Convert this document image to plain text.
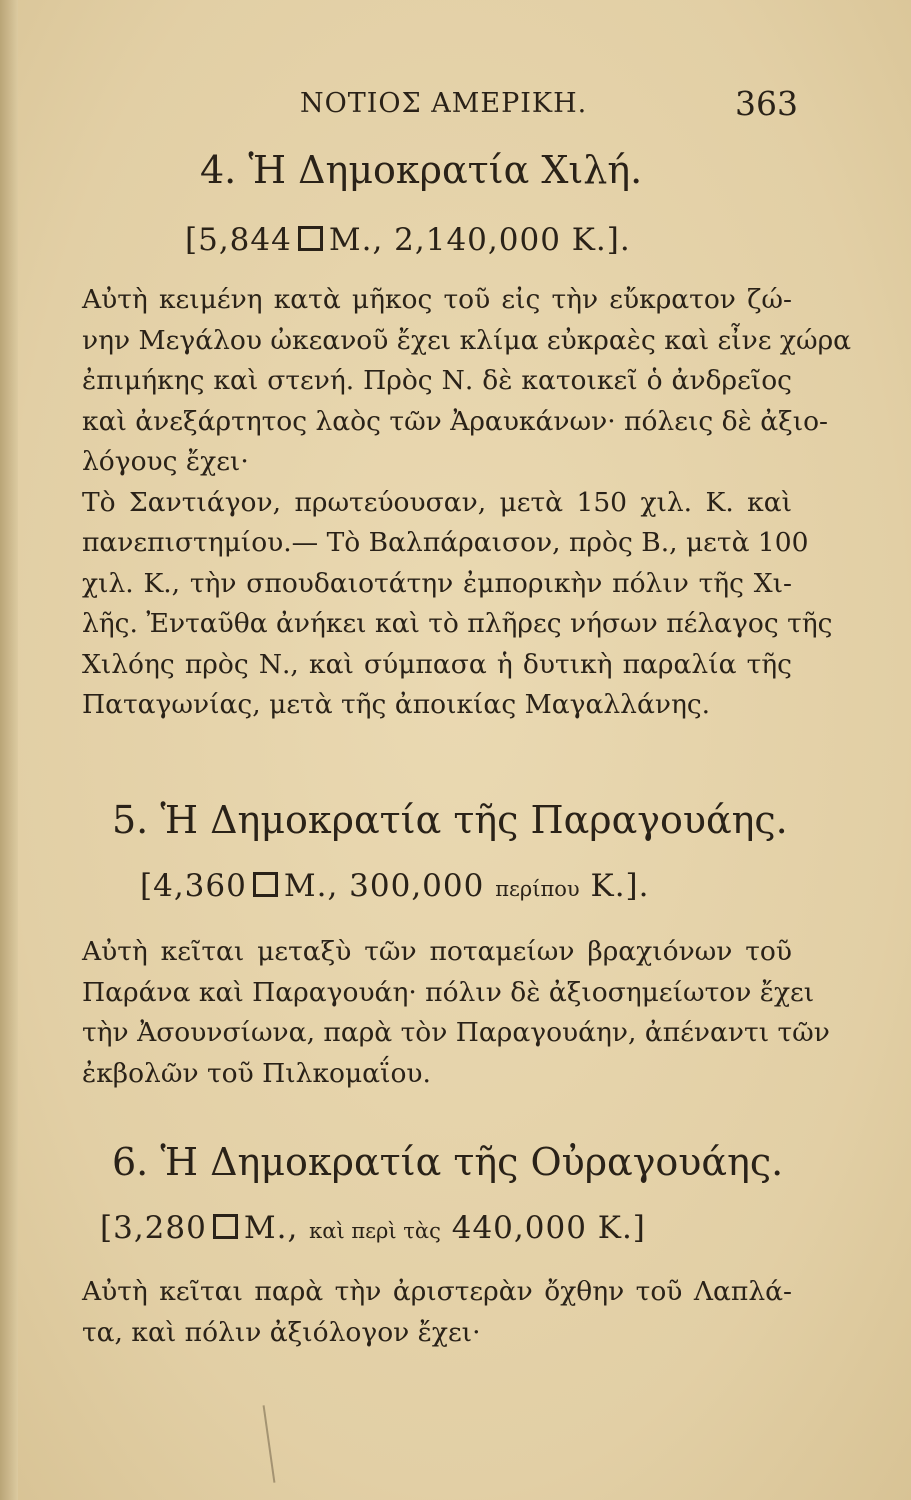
ΝΟΤΙΟΣ ΑΜΕΡΙΚΗ.	363
4. Ἡ Δημοκρατία Χιλή.
[5,844 M., 2,140,000 K.].
Αὐτὴ κειμένη κατὰ μῆκος τοῦ εἰς τὴν εὔκρατον ζώ-
νην Μεγάλου ὠκεανοῦ ἔχει κλίμα εὐκραὲς καὶ εἶνε χώρα
ἐπιμήκης καὶ στενή. Πρὸς Ν. δὲ κατοικεῖ ὁ ἀνδρεῖος
καὶ ἀνεξάρτητος λαὸς τῶν Ἀραυκάνων· πόλεις δὲ ἀξιο-
λόγους ἔχει·
Τὸ Σαντιάγον, πρωτεύουσαν, μετὰ 150 χιλ. Κ. καὶ
πανεπιστημίου.— Τὸ Βαλπάραισον, πρὸς Β., μετὰ 100
χιλ. Κ., τὴν σπουδαιοτάτην ἐμπορικὴν πόλιν τῆς Χι-
λῆς. Ἐνταῦθα ἀνήκει καὶ τὸ πλῆρες νήσων πέλαγος τῆς
Χιλόης πρὸς Ν., καὶ σύμπασα ἡ δυτικὴ παραλία τῆς
Παταγωνίας, μετὰ τῆς ἀποικίας Μαγαλλάνης.
5. Ἡ Δημοκρατία τῆς Παραγουάης.
[4,360 M., 300,000 περίπου K.].
Αὐτὴ κεῖται μεταξὺ τῶν ποταμείων βραχιόνων τοῦ
Παράνα καὶ Παραγουάη· πόλιν δὲ ἀξιοσημείωτον ἔχει
τὴν Ἀσουνσίωνα, παρὰ τὸν Παραγουάην, ἀπέναντι τῶν
ἐκβολῶν τοῦ Πιλκομαΐου.
6. Ἡ Δημοκρατία τῆς Οὐραγουάης.
[3,280 M., καὶ περὶ τὰς 440,000 K.]
Αὐτὴ κεῖται παρὰ τὴν ἀριστερὰν ὄχθην τοῦ Λαπλά-
τα, καὶ πόλιν ἀξιόλογον ἔχει·
